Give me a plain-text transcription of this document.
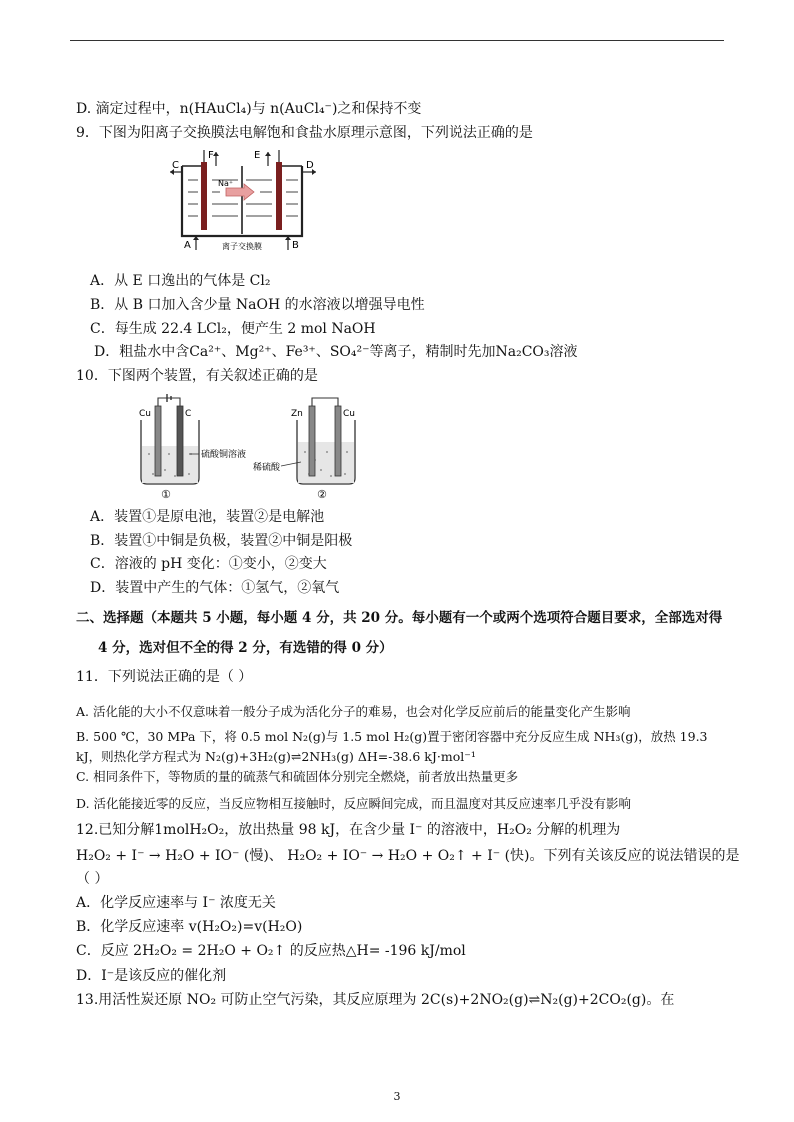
D. 滴定过程中，n(HAuCl₄)与 n(AuCl₄⁻)之和保持不变
9．下图为阳离子交换膜法电解饱和食盐水原理示意图，下列说法正确的是
Na⁺
C
F	E
D
A	B
离子交换膜
A．从 E 口逸出的气体是 Cl₂
B．从 B 口加入含少量 NaOH 的水溶液以增强导电性
C．每生成 22.4 LCl₂，便产生 2 mol NaOH
D．粗盐水中含Ca²⁺、Mg²⁺、Fe³⁺、SO₄²⁻等离子，精制时先加Na₂CO₃溶液
10．下图两个装置，有关叙述正确的是
Cu	C
硫酸铜溶液
①
Zn	Cu
稀硫酸
②
A．装置①是原电池，装置②是电解池
B．装置①中铜是负极，装置②中铜是阳极
C．溶液的 pH 变化：①变小，②变大
D．装置中产生的气体：①氢气，②氧气
二、选择题（本题共 5 小题，每小题 4 分，共 20 分。每小题有一个或两个选项符合题目要求，全部选对得
4 分，选对但不全的得 2 分，有选错的得 0 分）
11．下列说法正确的是（ ）
A. 活化能的大小不仅意味着一般分子成为活化分子的难易，也会对化学反应前后的能量变化产生影响
B. 500 ℃，30 MPa 下，将 0.5 mol N₂(g)与 1.5 mol H₂(g)置于密闭容器中充分反应生成 NH₃(g)，放热 19.3
kJ，则热化学方程式为 N₂(g)+3H₂(g)⇌2NH₃(g) ΔH=-38.6 kJ·mol⁻¹
C. 相同条件下，等物质的量的硫蒸气和硫固体分别完全燃烧，前者放出热量更多
D. 活化能接近零的反应，当反应物相互接触时，反应瞬间完成，而且温度对其反应速率几乎没有影响
12.已知分解1molH₂O₂，放出热量 98 kJ，在含少量 I⁻ 的溶液中，H₂O₂ 分解的机理为
H₂O₂ + I⁻ → H₂O + IO⁻ (慢)、 H₂O₂ + IO⁻ → H₂O + O₂↑ + I⁻ (快)。下列有关该反应的说法错误的是
（ ）
A．化学反应速率与 I⁻ 浓度无关
B．化学反应速率 v(H₂O₂)=v(H₂O)
C．反应 2H₂O₂ = 2H₂O + O₂↑ 的反应热△H= -196 kJ/mol
D．I⁻是该反应的催化剂
13.用活性炭还原 NO₂ 可防止空气污染，其反应原理为 2C(s)+2NO₂(g)⇌N₂(g)+2CO₂(g)。在
3
